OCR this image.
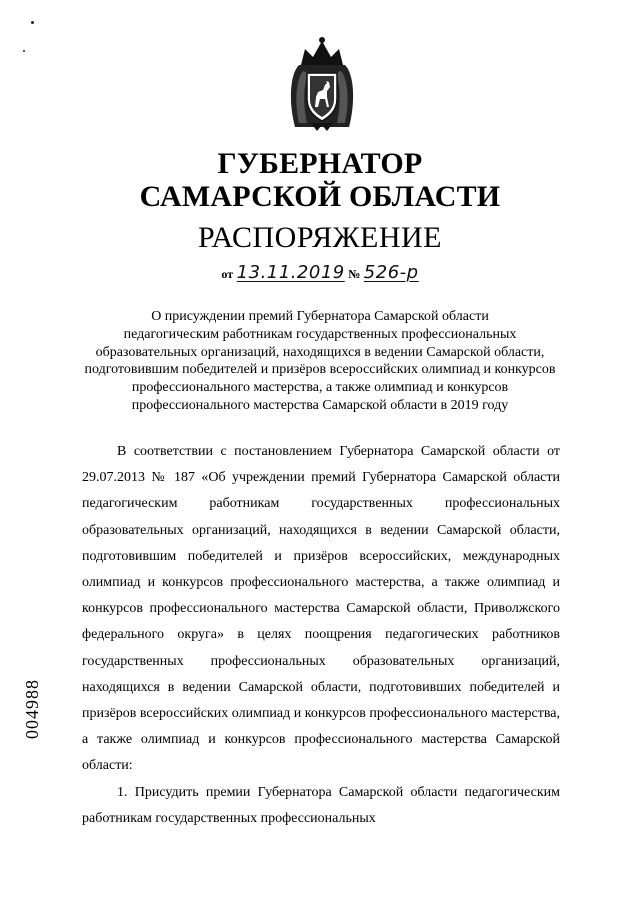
ГУБЕРНАТОР
САМАРСКОЙ ОБЛАСТИ
РАСПОРЯЖЕНИЕ
от 13.11.2019 № 526-р
О присуждении премий Губернатора Самарской области
педагогическим работникам государственных профессиональных
образовательных организаций, находящихся в ведении Самарской области,
подготовившим победителей и призёров всероссийских олимпиад и конкурсов
профессионального мастерства, а также олимпиад и конкурсов
профессионального мастерства Самарской области в 2019 году

В соответствии с постановлением Губернатора Самарской области от 29.07.2013 № 187 «Об учреждении премий Губернатора Самарской области педагогическим работникам государственных профессиональных образовательных организаций, находящихся в ведении Самарской области, подготовившим победителей и призёров всероссийских, международных олимпиад и конкурсов профессионального мастерства, а также олимпиад и конкурсов профессионального мастерства Самарской области, Приволжского федерального округа» в целях поощрения педагогических работников государственных профессиональных образовательных организаций, находящихся в ведении Самарской области, подготовивших победителей и призёров всероссийских олимпиад и конкурсов профессионального мастерства, а также олимпиад и конкурсов профессионального мастерства Самарской области:

1. Присудить премии Губернатора Самарской области педагогическим работникам государственных профессиональных

004988
